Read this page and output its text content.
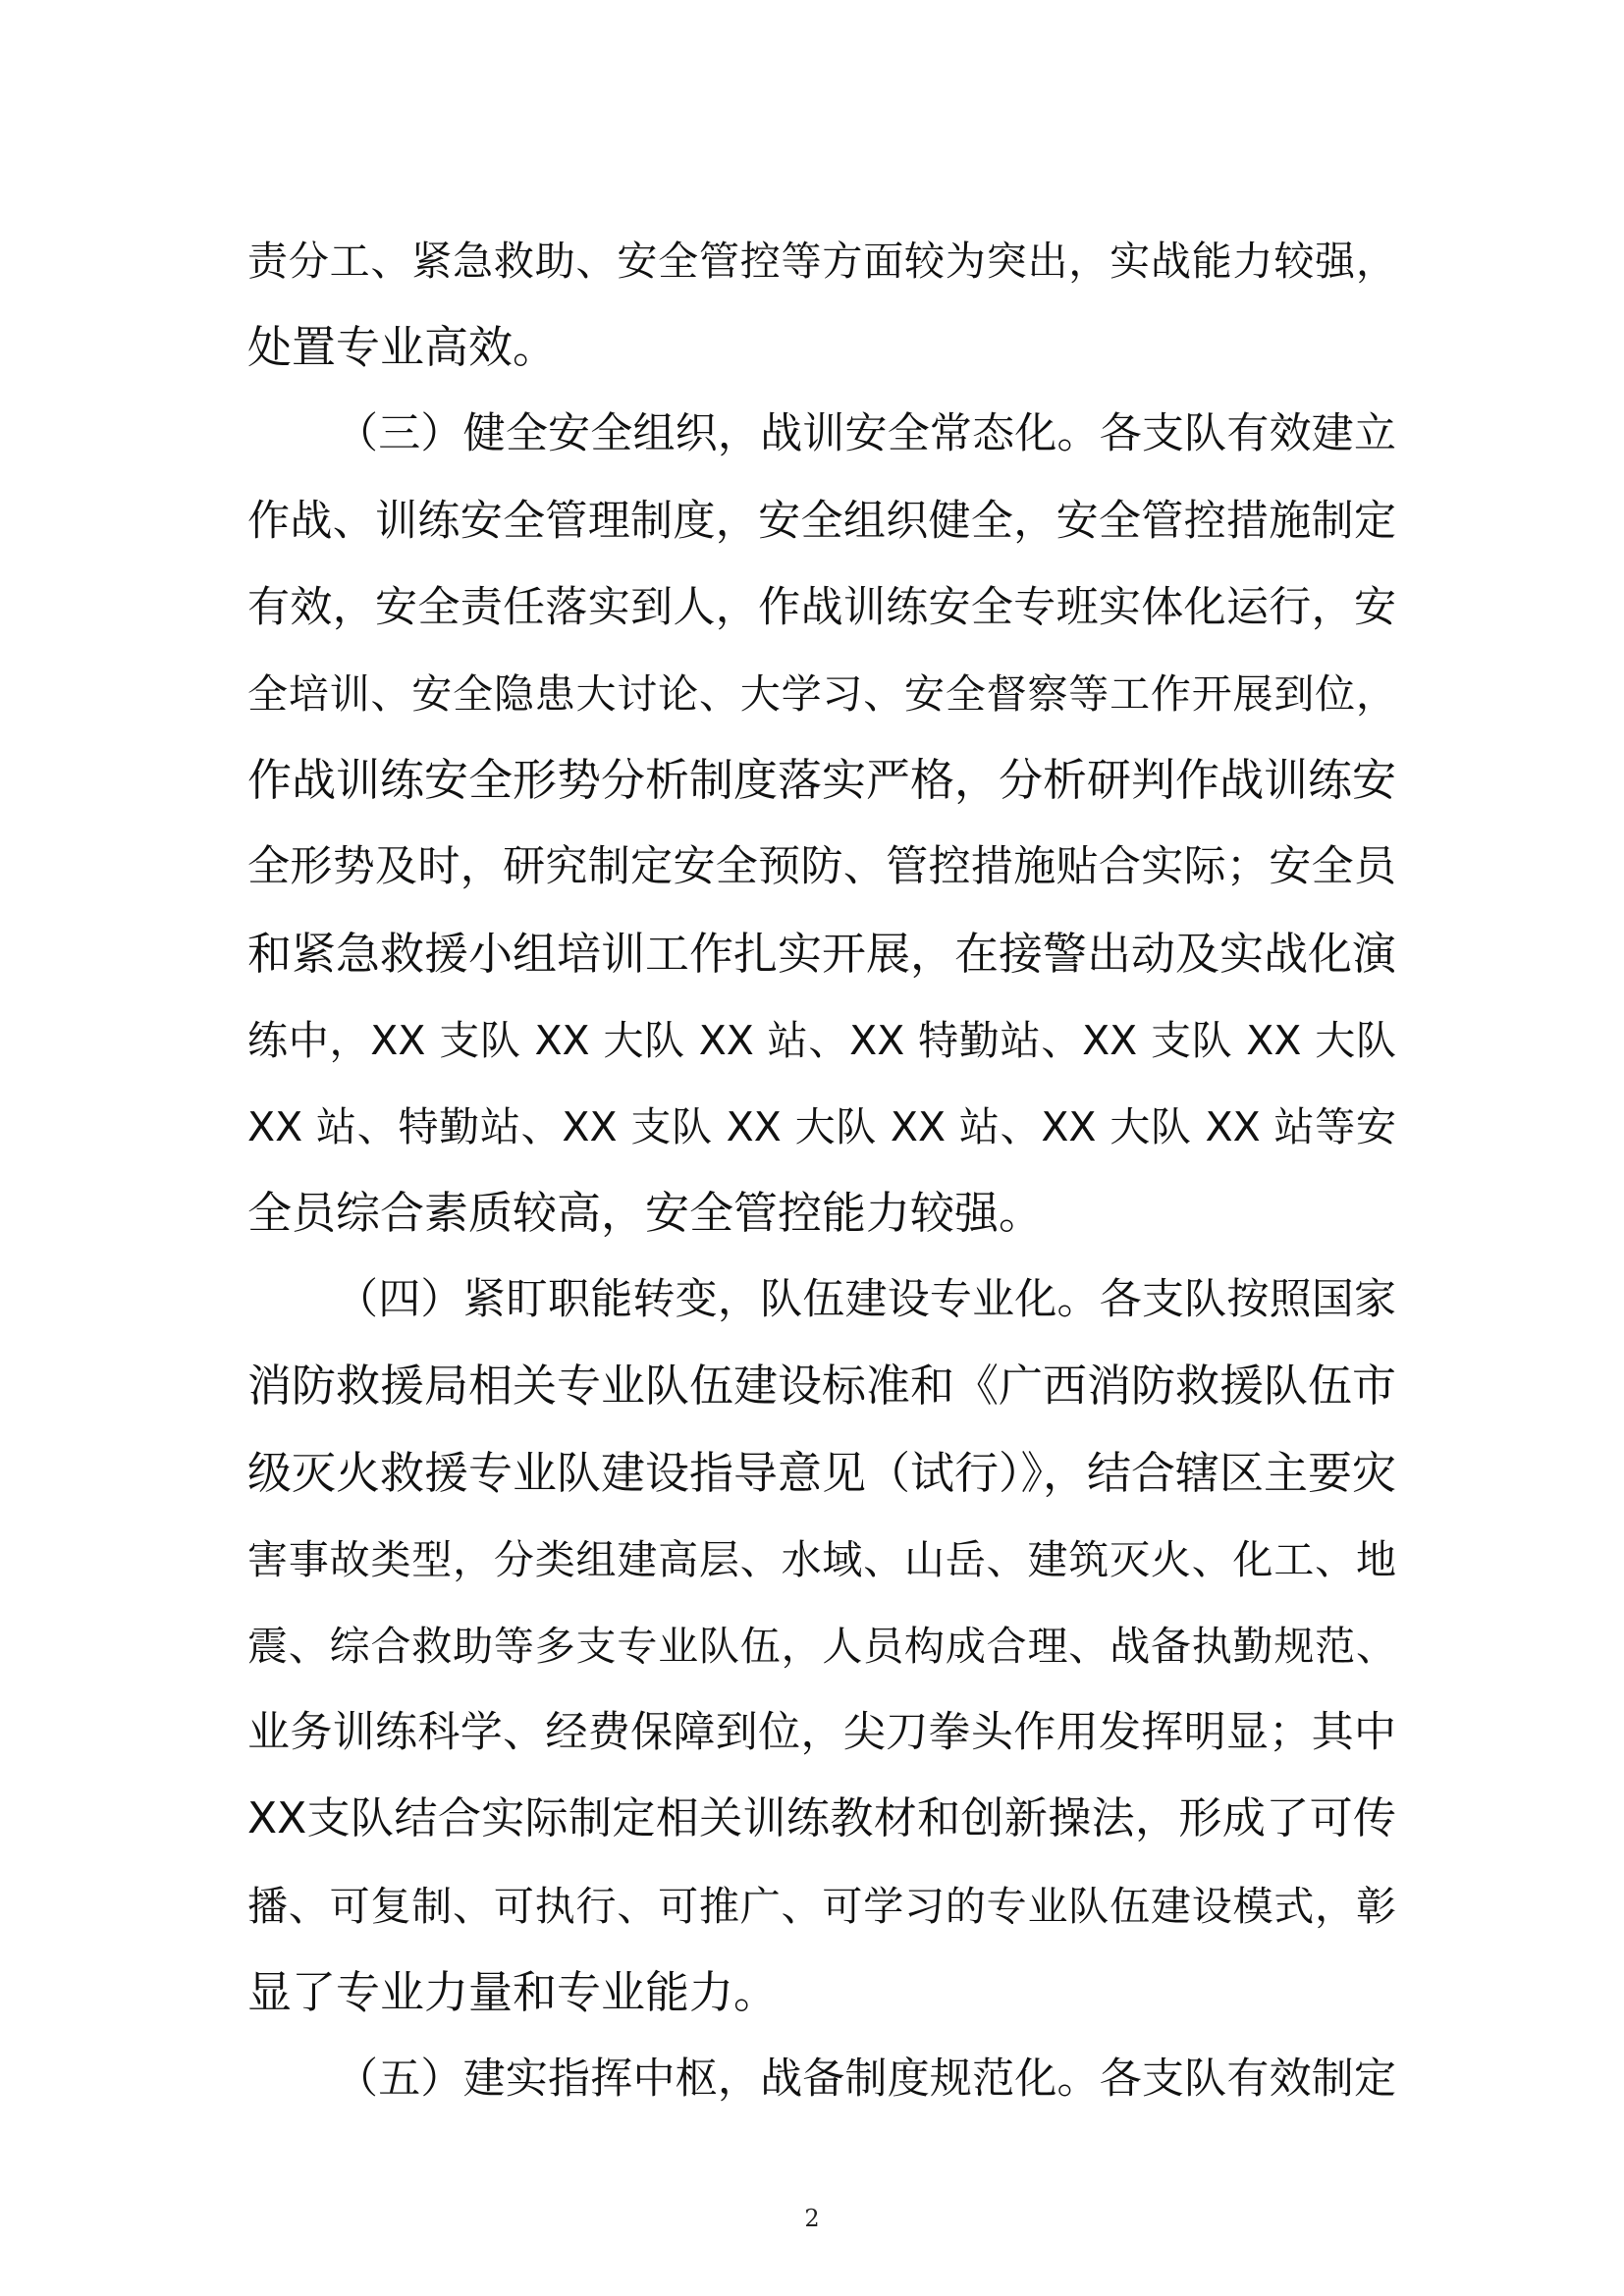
责分工、紧急救助、安全管控等方面较为突出，实战能力较强，
处置专业高效。
（三）健全安全组织，战训安全常态化。各支队有效建立
作战、训练安全管理制度，安全组织健全，安全管控措施制定
有效，安全责任落实到人，作战训练安全专班实体化运行，安
全培训、安全隐患大讨论、大学习、安全督察等工作开展到位，
作战训练安全形势分析制度落实严格，分析研判作战训练安
全形势及时，研究制定安全预防、管控措施贴合实际；安全员
和紧急救援小组培训工作扎实开展，在接警出动及实战化演
练中，XX 支队 XX 大队 XX 站、XX 特勤站、XX 支队 XX 大队
XX 站、特勤站、XX 支队 XX 大队 XX 站、XX 大队 XX 站等安
全员综合素质较高，安全管控能力较强。
（四）紧盯职能转变，队伍建设专业化。各支队按照国家
消防救援局相关专业队伍建设标准和《广西消防救援队伍市
级灭火救援专业队建设指导意见（试行）》，结合辖区主要灾
害事故类型，分类组建高层、水域、山岳、建筑灭火、化工、地
震、综合救助等多支专业队伍，人员构成合理、战备执勤规范、
业务训练科学、经费保障到位，尖刀拳头作用发挥明显；其中
XX支队结合实际制定相关训练教材和创新操法，形成了可传
播、可复制、可执行、可推广、可学习的专业队伍建设模式，彰
显了专业力量和专业能力。
（五）建实指挥中枢，战备制度规范化。各支队有效制定
2
